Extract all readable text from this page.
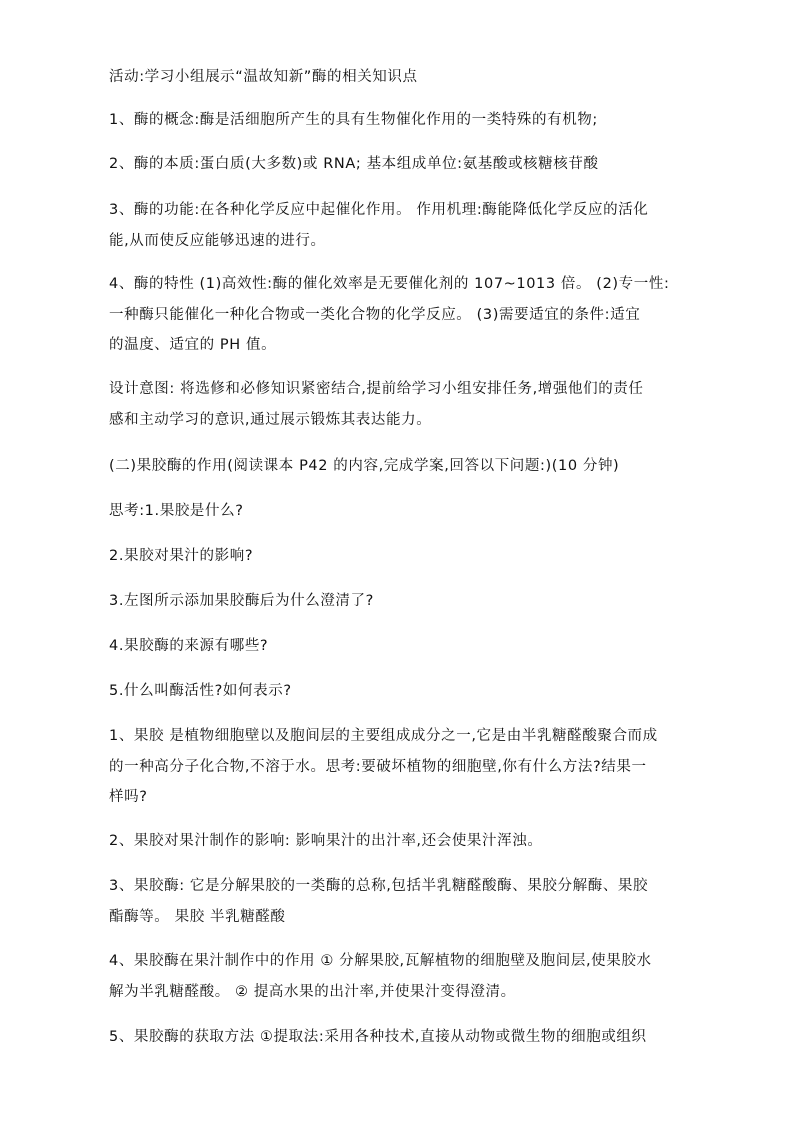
活动:学习小组展示“温故知新”酶的相关知识点
1、酶的概念:酶是活细胞所产生的具有生物催化作用的一类特殊的有机物;
2、酶的本质:蛋白质(大多数)或 RNA; 基本组成单位:氨基酸或核糖核苷酸
3、酶的功能:在各种化学反应中起催化作用。 作用机理:酶能降低化学反应的活化
能,从而使反应能够迅速的进行。
4、酶的特性 (1)高效性:酶的催化效率是无要催化剂的 107~1013 倍。 (2)专一性:
一种酶只能催化一种化合物或一类化合物的化学反应。 (3)需要适宜的条件:适宜
的温度、适宜的 PH 值。
设计意图: 将选修和必修知识紧密结合,提前给学习小组安排任务,增强他们的责任
感和主动学习的意识,通过展示锻炼其表达能力。
(二)果胶酶的作用(阅读课本 P42 的内容,完成学案,回答以下问题:)(10 分钟)
思考:1.果胶是什么?
2.果胶对果汁的影响?
3.左图所示添加果胶酶后为什么澄清了?
4.果胶酶的来源有哪些?
5.什么叫酶活性?如何表示?
1、果胶 是植物细胞壁以及胞间层的主要组成成分之一,它是由半乳糖醛酸聚合而成
的一种高分子化合物,不溶于水。思考:要破坏植物的细胞壁,你有什么方法?结果一
样吗?
2、果胶对果汁制作的影响: 影响果汁的出汁率,还会使果汁浑浊。
3、果胶酶: 它是分解果胶的一类酶的总称,包括半乳糖醛酸酶、果胶分解酶、果胶
酯酶等。 果胶 半乳糖醛酸
4、果胶酶在果汁制作中的作用 ① 分解果胶,瓦解植物的细胞壁及胞间层,使果胶水
解为半乳糖醛酸。 ② 提高水果的出汁率,并使果汁变得澄清。
5、果胶酶的获取方法 ①提取法:采用各种技术,直接从动物或微生物的细胞或组织
